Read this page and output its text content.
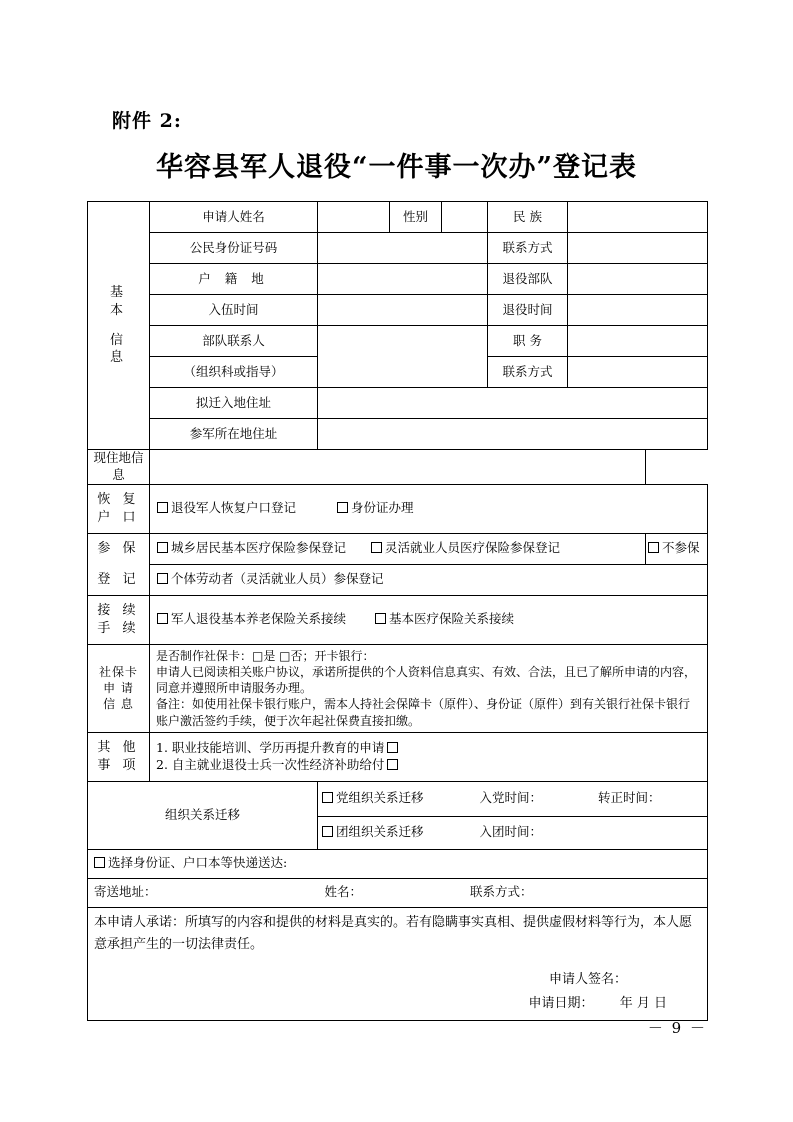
附件 2:
华容县军人退役“一件事一次办”登记表
基
本
信
息	申请人姓名		性别		民 族		
	公民身份证号码				联系方式		
	户 籍 地				退役部队		
	入伍时间				退役时间		
	部队联系人				职 务		
	（组织科或指导）				联系方式		
	拟迁入地住址						
	参军所在地住址						
现住地信息							

恢 复
户 口	退役军人恢复户口登记 身份证办理						

参 保
登 记	城乡居民基本医疗保险参保登记 灵活就业人员医疗保险参保登记						不参保
	个体劳动者（灵活就业人员）参保登记						

接 续
手 续	军人退役基本养老保险关系接续 基本医疗保险关系接续						

社保卡
申 请
信 息

是否制作社保卡：□是 □否；开卡银行：
申请人已阅读相关账户协议，承诺所提供的个人资料信息真实、有效、合法，且已了解所申请的内容，同意并遵照所申请服务办理。
备注：如使用社保卡银行账户，需本人持社会保障卡（原件）、身份证（原件）到有关银行社保卡银行账户激活签约手续，便于次年起社保费直接扣缴。

其 他
事 项

1. 职业技能培训、学历再提升教育的申请
2. 自主就业退役士兵一次性经济补助给付

组织关系迁移		党组织关系迁移 入党时间： 转正时间：					
		团组织关系迁移 入团时间：					
选择身份证、户口本等快递送达:							
寄送地址： 姓名： 联系方式：							

本申请人承诺：所填写的内容和提供的材料是真实的。若有隐瞒事实真相、提供虚假材料等行为，本人愿意承担产生的一切法律责任。
申请人签名：
申请日期： 年 月 日							
－ 9 －
